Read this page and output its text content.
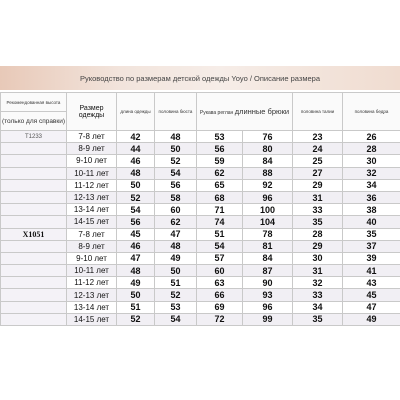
Руководство по размерам детской одежды Yoyo / Описание размера
Рекомендованная высота	Размер одежды	длина одежды	половина бюста	Рукава реглан длинные брюки		половина талии	половина бедра
(только для справки)							
T1233	7-8 лет	42	48	53	76	23	26
	8-9 лет	44	50	56	80	24	28
	9-10 лет	46	52	59	84	25	30
	10-11 лет	48	54	62	88	27	32
	11-12 лет	50	56	65	92	29	34
	12-13 лет	52	58	68	96	31	36
	13-14 лет	54	60	71	100	33	38
	14-15 лет	56	62	74	104	35	40
X1051	7-8 лет	45	47	51	78	28	35
	8-9 лет	46	48	54	81	29	37
	9-10 лет	47	49	57	84	30	39
	10-11 лет	48	50	60	87	31	41
	11-12 лет	49	51	63	90	32	43
	12-13 лет	50	52	66	93	33	45
	13-14 лет	51	53	69	96	34	47
	14-15 лет	52	54	72	99	35	49
